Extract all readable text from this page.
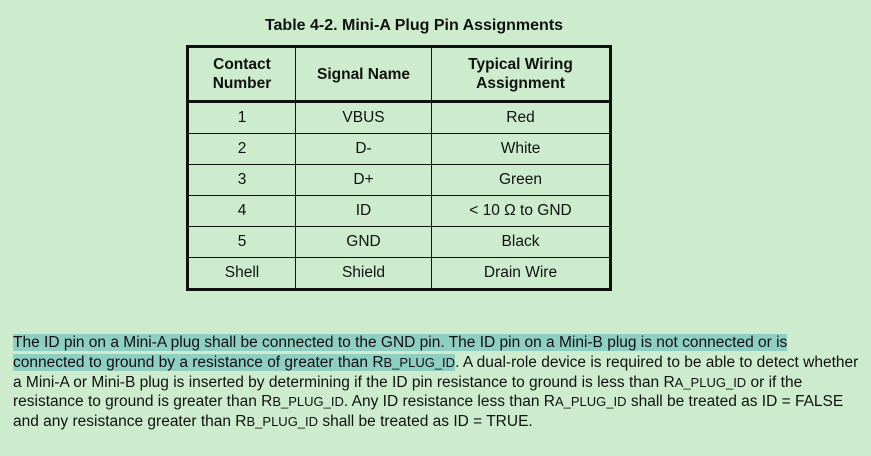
Table 4-2. Mini-A Plug Pin Assignments
Contact
Number	Signal Name	Typical Wiring
Assignment
1	VBUS	Red
2	D-	White
3	D+	Green
4	ID	< 10 Ω to GND
5	GND	Black
Shell	Shield	Drain Wire
The ID pin on a Mini-A plug shall be connected to the GND pin. The ID pin on a Mini-B plug is not connected or is connected to ground by a resistance of greater than RB_PLUG_ID. A dual-role device is required to be able to detect whether a Mini-A or Mini-B plug is inserted by determining if the ID pin resistance to ground is less than RA_PLUG_ID or if the resistance to ground is greater than RB_PLUG_ID. Any ID resistance less than RA_PLUG_ID shall be treated as ID = FALSE and any resistance greater than RB_PLUG_ID shall be treated as ID = TRUE.
